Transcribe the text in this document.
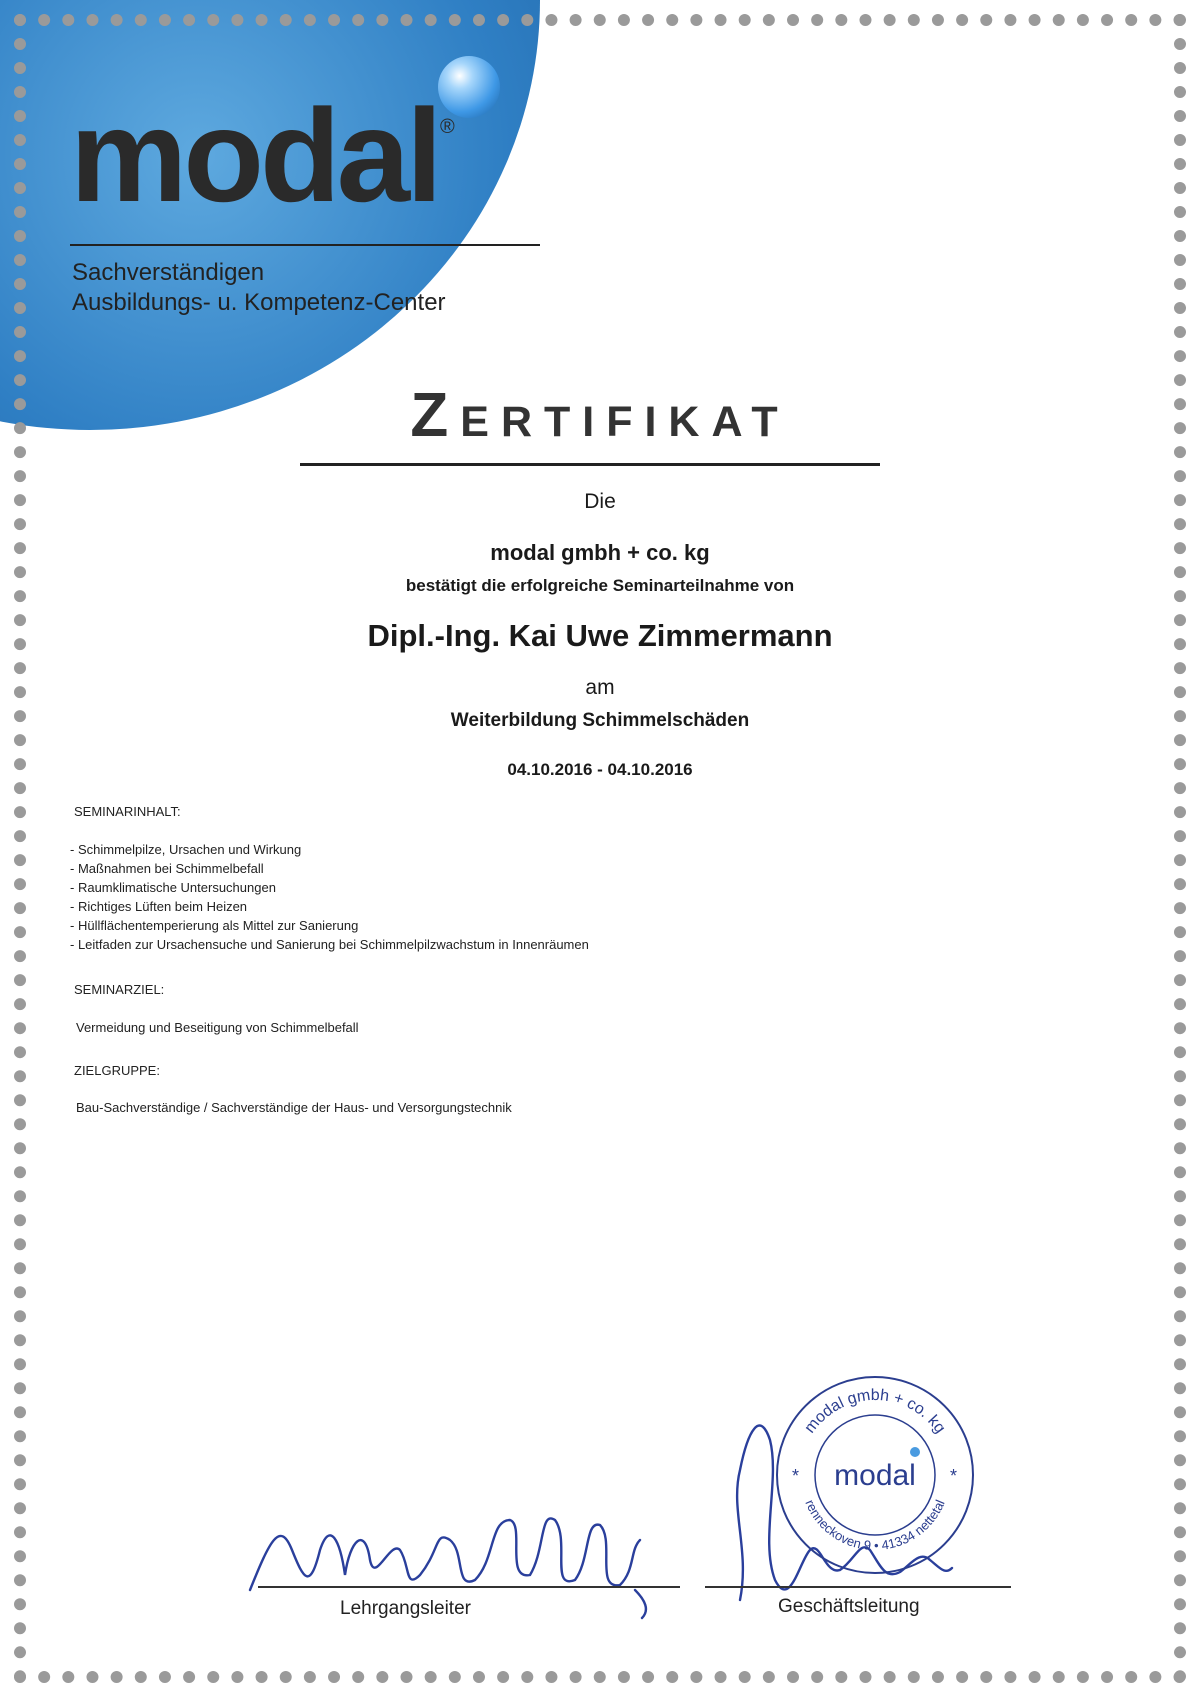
modal ®
Sachverständigen
Ausbildungs- u. Kompetenz-Center
Zertifikat
Die
modal gmbh + co. kg
bestätigt die erfolgreiche Seminarteilnahme von
Dipl.-Ing. Kai Uwe Zimmermann
am
Weiterbildung Schimmelschäden
04.10.2016 - 04.10.2016
SEMINARINHALT:
- Schimmelpilze, Ursachen und Wirkung
- Maßnahmen bei Schimmelbefall
- Raumklimatische Untersuchungen
- Richtiges Lüften beim Heizen
- Hüllflächentemperierung als Mittel zur Sanierung
- Leitfaden zur Ursachensuche und Sanierung bei Schimmelpilzwachstum in Innenräumen
SEMINARZIEL:
Vermeidung und Beseitigung von Schimmelbefall
ZIELGRUPPE:
Bau-Sachverständige / Sachverständige der Haus- und Versorgungstechnik
Lehrgangsleiter	Geschäftsleitung
modal gmbh + co. kg
renneckoven 9 • 41334 nettetal
modal
*	*
